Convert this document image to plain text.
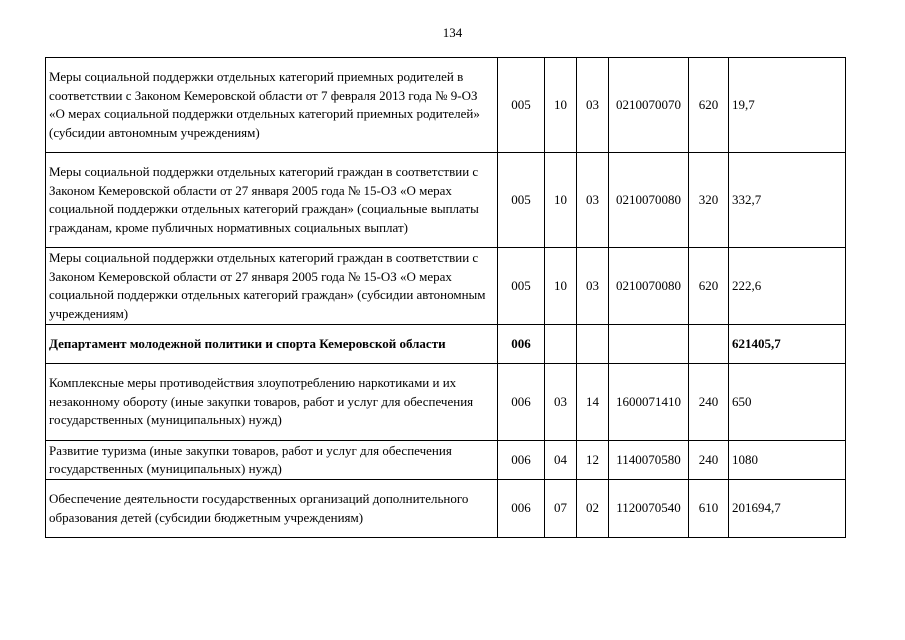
134
Меры социальной поддержки отдельных категорий приемных родителей в соответствии с Законом Кемеровской области от 7 февраля 2013 года № 9-ОЗ «О мерах социальной поддержки отдельных категорий приемных родителей» (субсидии автономным учреждениям)	005	10	03	0210070070	620	19,7
Меры социальной поддержки отдельных категорий граждан в соответствии с Законом Кемеровской области от 27 января 2005 года № 15-ОЗ «О мерах социальной поддержки отдельных категорий граждан» (социальные выплаты гражданам, кроме публичных нормативных социальных выплат)	005	10	03	0210070080	320	332,7
Меры социальной поддержки отдельных категорий граждан в соответствии с Законом Кемеровской области от 27 января 2005 года № 15-ОЗ «О мерах социальной поддержки отдельных категорий граждан» (субсидии автономным учреждениям)	005	10	03	0210070080	620	222,6
Департамент молодежной политики и спорта Кемеровской области	006					621405,7
Комплексные меры противодействия злоупотреблению наркотиками и их незаконному обороту (иные закупки товаров, работ и услуг для обеспечения государственных (муниципальных) нужд)	006	03	14	1600071410	240	650
Развитие туризма (иные закупки товаров, работ и услуг для обеспечения государственных (муниципальных) нужд)	006	04	12	1140070580	240	1080
Обеспечение деятельности государственных организаций дополнительного образования детей (субсидии бюджетным учреждениям)	006	07	02	1120070540	610	201694,7
